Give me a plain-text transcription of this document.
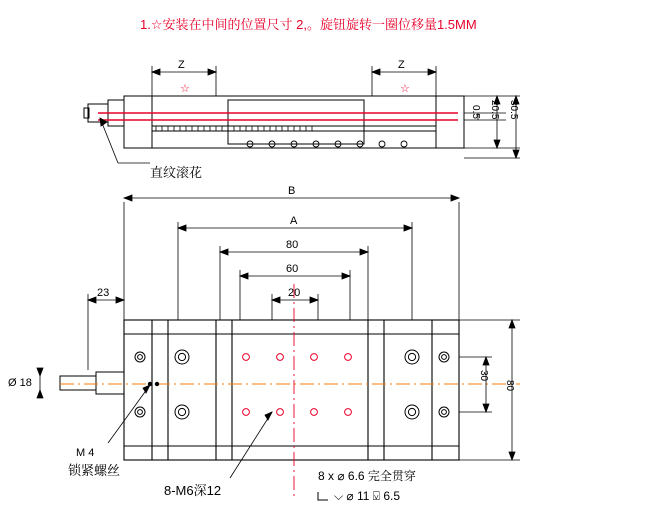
1.☆安装在中间的位置尺寸 2,。旋钮旋转一圈位移量1.5MM
Z
☆
Z
☆
0.5 20.5 30.5
直纹滚花
B
A
80
60
20
23
Ø 18
30
80
M 4
锁紧螺丝
8-M6深12
8 x ⌀ 6.6 完全贯穿
⌵ ⌀ 11 ⍌ 6.5
